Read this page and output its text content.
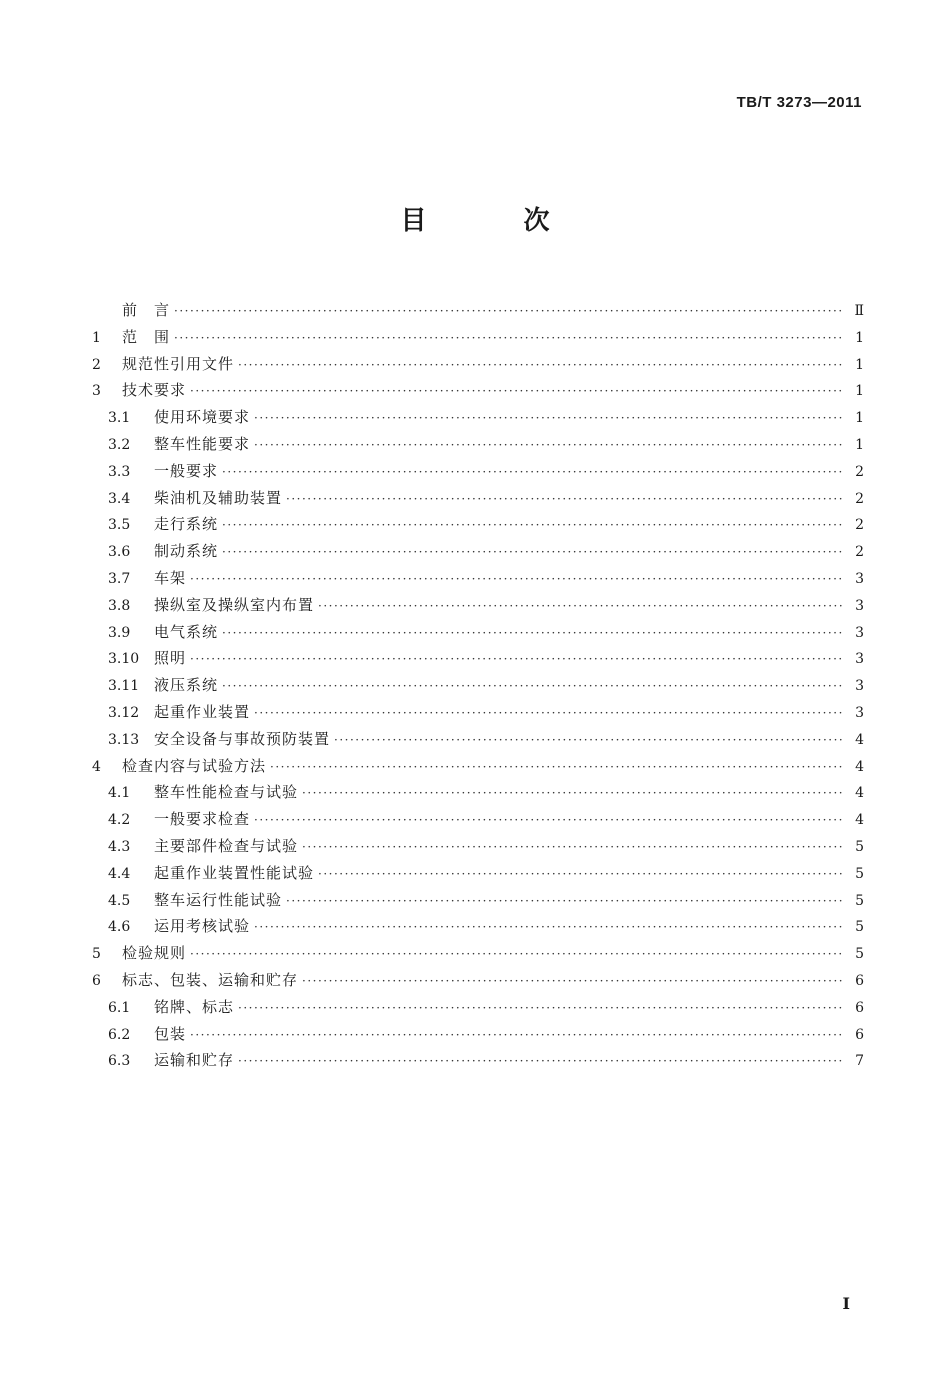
TB/T 3273—2011
目 次
前　言 ·····	Ⅱ
1	范　围 ·····	1
2	规范性引用文件 ·····	1
3	技术要求 ·····	1
3.1	使用环境要求 ·····	1
3.2	整车性能要求 ·····	1
3.3	一般要求 ·····	2
3.4	柴油机及辅助装置 ·····	2
3.5	走行系统 ·····	2
3.6	制动系统 ·····	2
3.7	车架 ·····	3
3.8	操纵室及操纵室内布置 ·····	3
3.9	电气系统 ·····	3
3.10 照明 ·····	3
3.11 液压系统 ·····	3
3.12 起重作业装置 ·····	3
3.13 安全设备与事故预防装置 ·····	4
4	检查内容与试验方法 ·····	4
4.1	整车性能检查与试验 ·····	4
4.2	一般要求检查 ·····	4
4.3	主要部件检查与试验 ·····	5
4.4	起重作业装置性能试验 ·····	5
4.5	整车运行性能试验 ·····	5
4.6	运用考核试验 ·····	5
5	检验规则 ·····	5
6	标志、包装、运输和贮存 ·····	6
6.1	铭牌、标志 ·····	6
6.2	包装 ·····	6
6.3	运输和贮存 ·····	7
I
